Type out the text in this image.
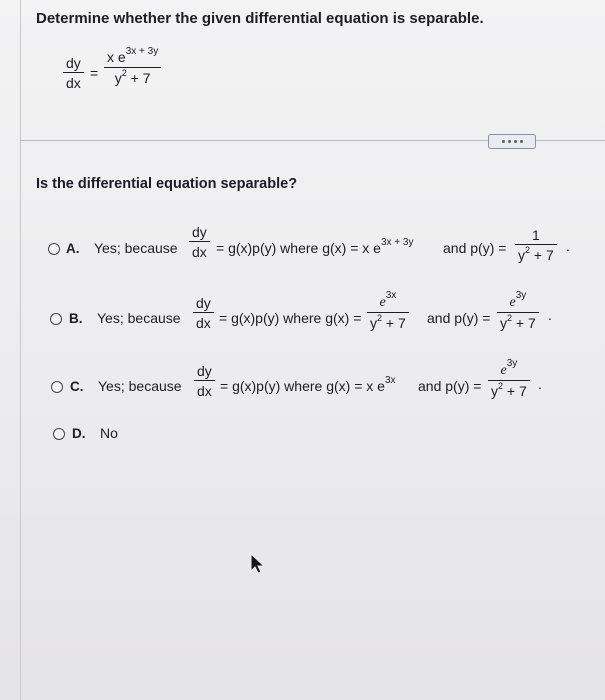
Determine whether the given differential equation is separable.
dy
dx
=
x $e^{3x + 3y}$
$y^2 + 7$
Is the differential equation separable?
A. Yes; because
dy
dx = g(x)p(y) where g(x) = x $e^{3x + 3y}$ and p(y) =
1
$y^2 + 7$
.
B. Yes; because
dy
dx = g(x)p(y) where g(x) =
$e^{3x}$
$y^2 + 7$ and p(y) =
$e^{3y}$
$y^2 + 7$
.
C. Yes; because
dy
dx = g(x)p(y) where g(x) = x $e^{3x}$ and p(y) =
$e^{3y}$
$y^2 + 7$ .
D. No
